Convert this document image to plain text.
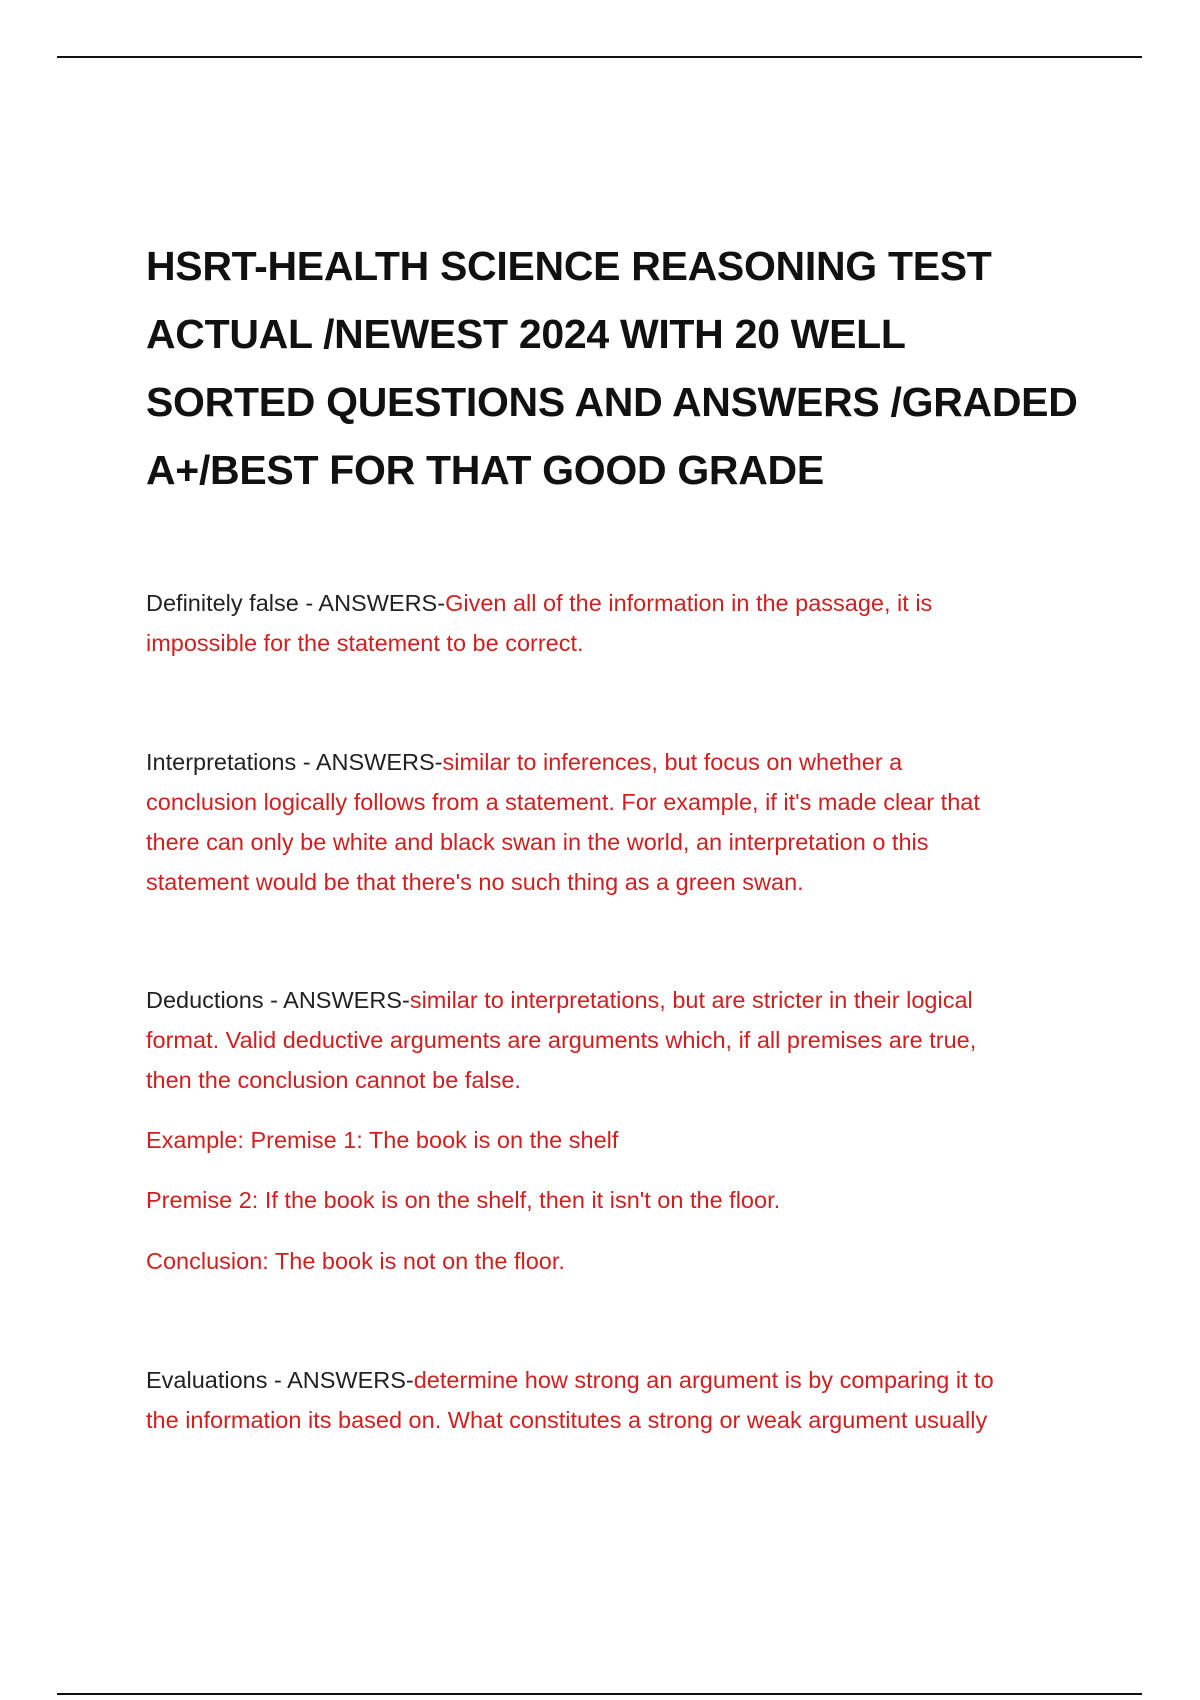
HSRT-HEALTH SCIENCE REASONING TEST
ACTUAL /NEWEST 2024 WITH 20 WELL
SORTED QUESTIONS AND ANSWERS /GRADED
A+/BEST FOR THAT GOOD GRADE

Definitely false - ANSWERS-Given all of the information in the passage, it is
impossible for the statement to be correct.

Interpretations - ANSWERS-similar to inferences, but focus on whether a
conclusion logically follows from a statement. For example, if it's made clear that
there can only be white and black swan in the world, an interpretation o this
statement would be that there's no such thing as a green swan.

Deductions - ANSWERS-similar to interpretations, but are stricter in their logical
format. Valid deductive arguments are arguments which, if all premises are true,
then the conclusion cannot be false.

Example: Premise 1: The book is on the shelf

Premise 2: If the book is on the shelf, then it isn't on the floor.

Conclusion: The book is not on the floor.

Evaluations - ANSWERS-determine how strong an argument is by comparing it to
the information its based on. What constitutes a strong or weak argument usually
